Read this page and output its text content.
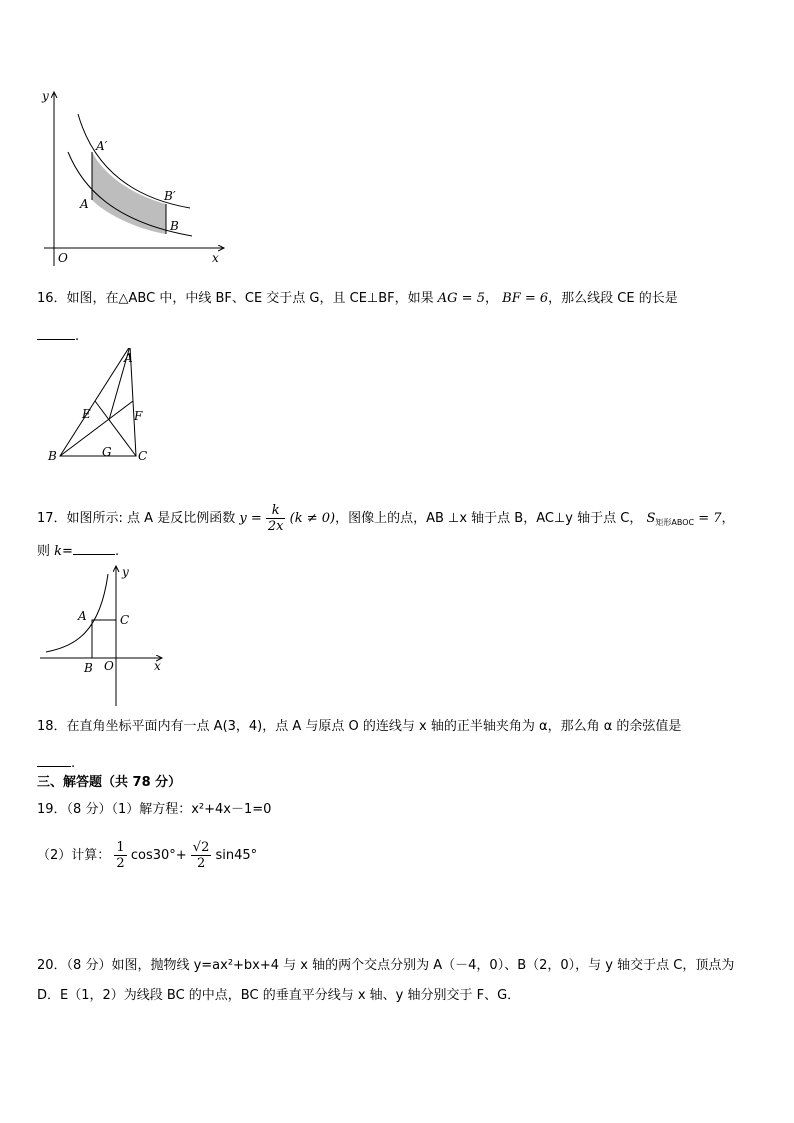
y
x
O
A′
A
B′
B
16．如图，在△ABC 中，中线 BF、CE 交于点 G，且 CE⊥BF，如果 AG = 5， BF = 6，那么线段 CE 的长是
.
A
E	F
G
B	C
17．如图所示: 点 A 是反比例函数 $y = \frac{k}{2x} (k \ne 0)$，图像上的点，AB ⊥x 轴于点 B，AC⊥y 轴于点 C， $S_{矩形ABOC} = 7$，
则 k=	.
y
A	C
B O	x
18．在直角坐标平面内有一点 A(3，4)，点 A 与原点 O 的连线与 x 轴的正半轴夹角为 α，那么角 α 的余弦值是
.
三、解答题（共 78 分）
19．（8 分）（1）解方程：x²+4x－1=0
（2）计算： $\frac{1}{2} \cos 30^\circ+ \frac{√2}{2} \sin 45^\circ$
20．（8 分）如图，抛物线 y=ax²+bx+4 与 x 轴的两个交点分别为 A（－4，0）、B（2，0），与 y 轴交于点 C，顶点为
D．E（1，2）为线段 BC 的中点，BC 的垂直平分线与 x 轴、y 轴分别交于 F、G．
